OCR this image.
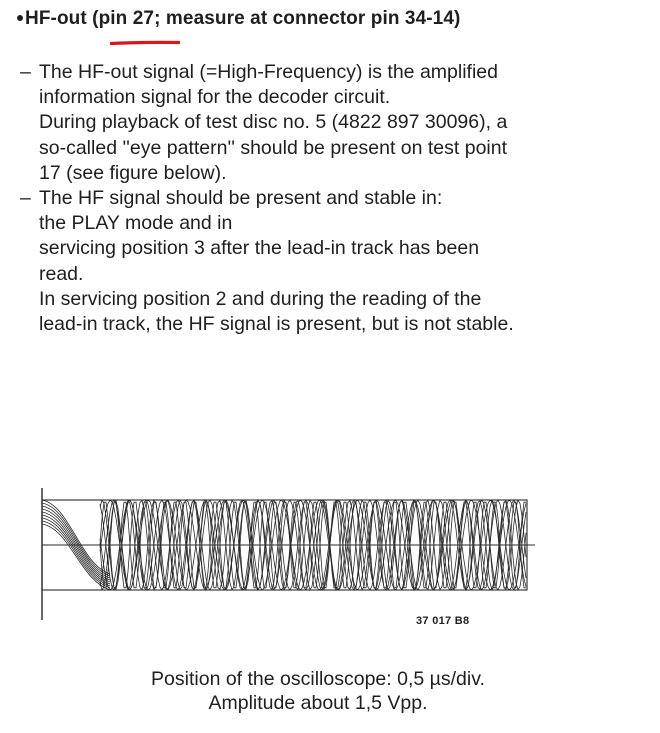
HF-out (pin 27; measure at connector pin 34-14)
– The HF-out signal (=High-Frequency) is the amplified
information signal for the decoder circuit.
During playback of test disc no. 5 (4822 897 30096), a
so-called ''eye pattern'' should be present on test point
17 (see figure below).
– The HF signal should be present and stable in:
the PLAY mode and in
servicing position 3 after the lead-in track has been
read.
In servicing position 2 and during the reading of the
lead-in track, the HF signal is present, but is not stable.
37 017 B8
Position of the oscilloscope: 0,5 µs/div.
Amplitude about 1,5 Vpp.
